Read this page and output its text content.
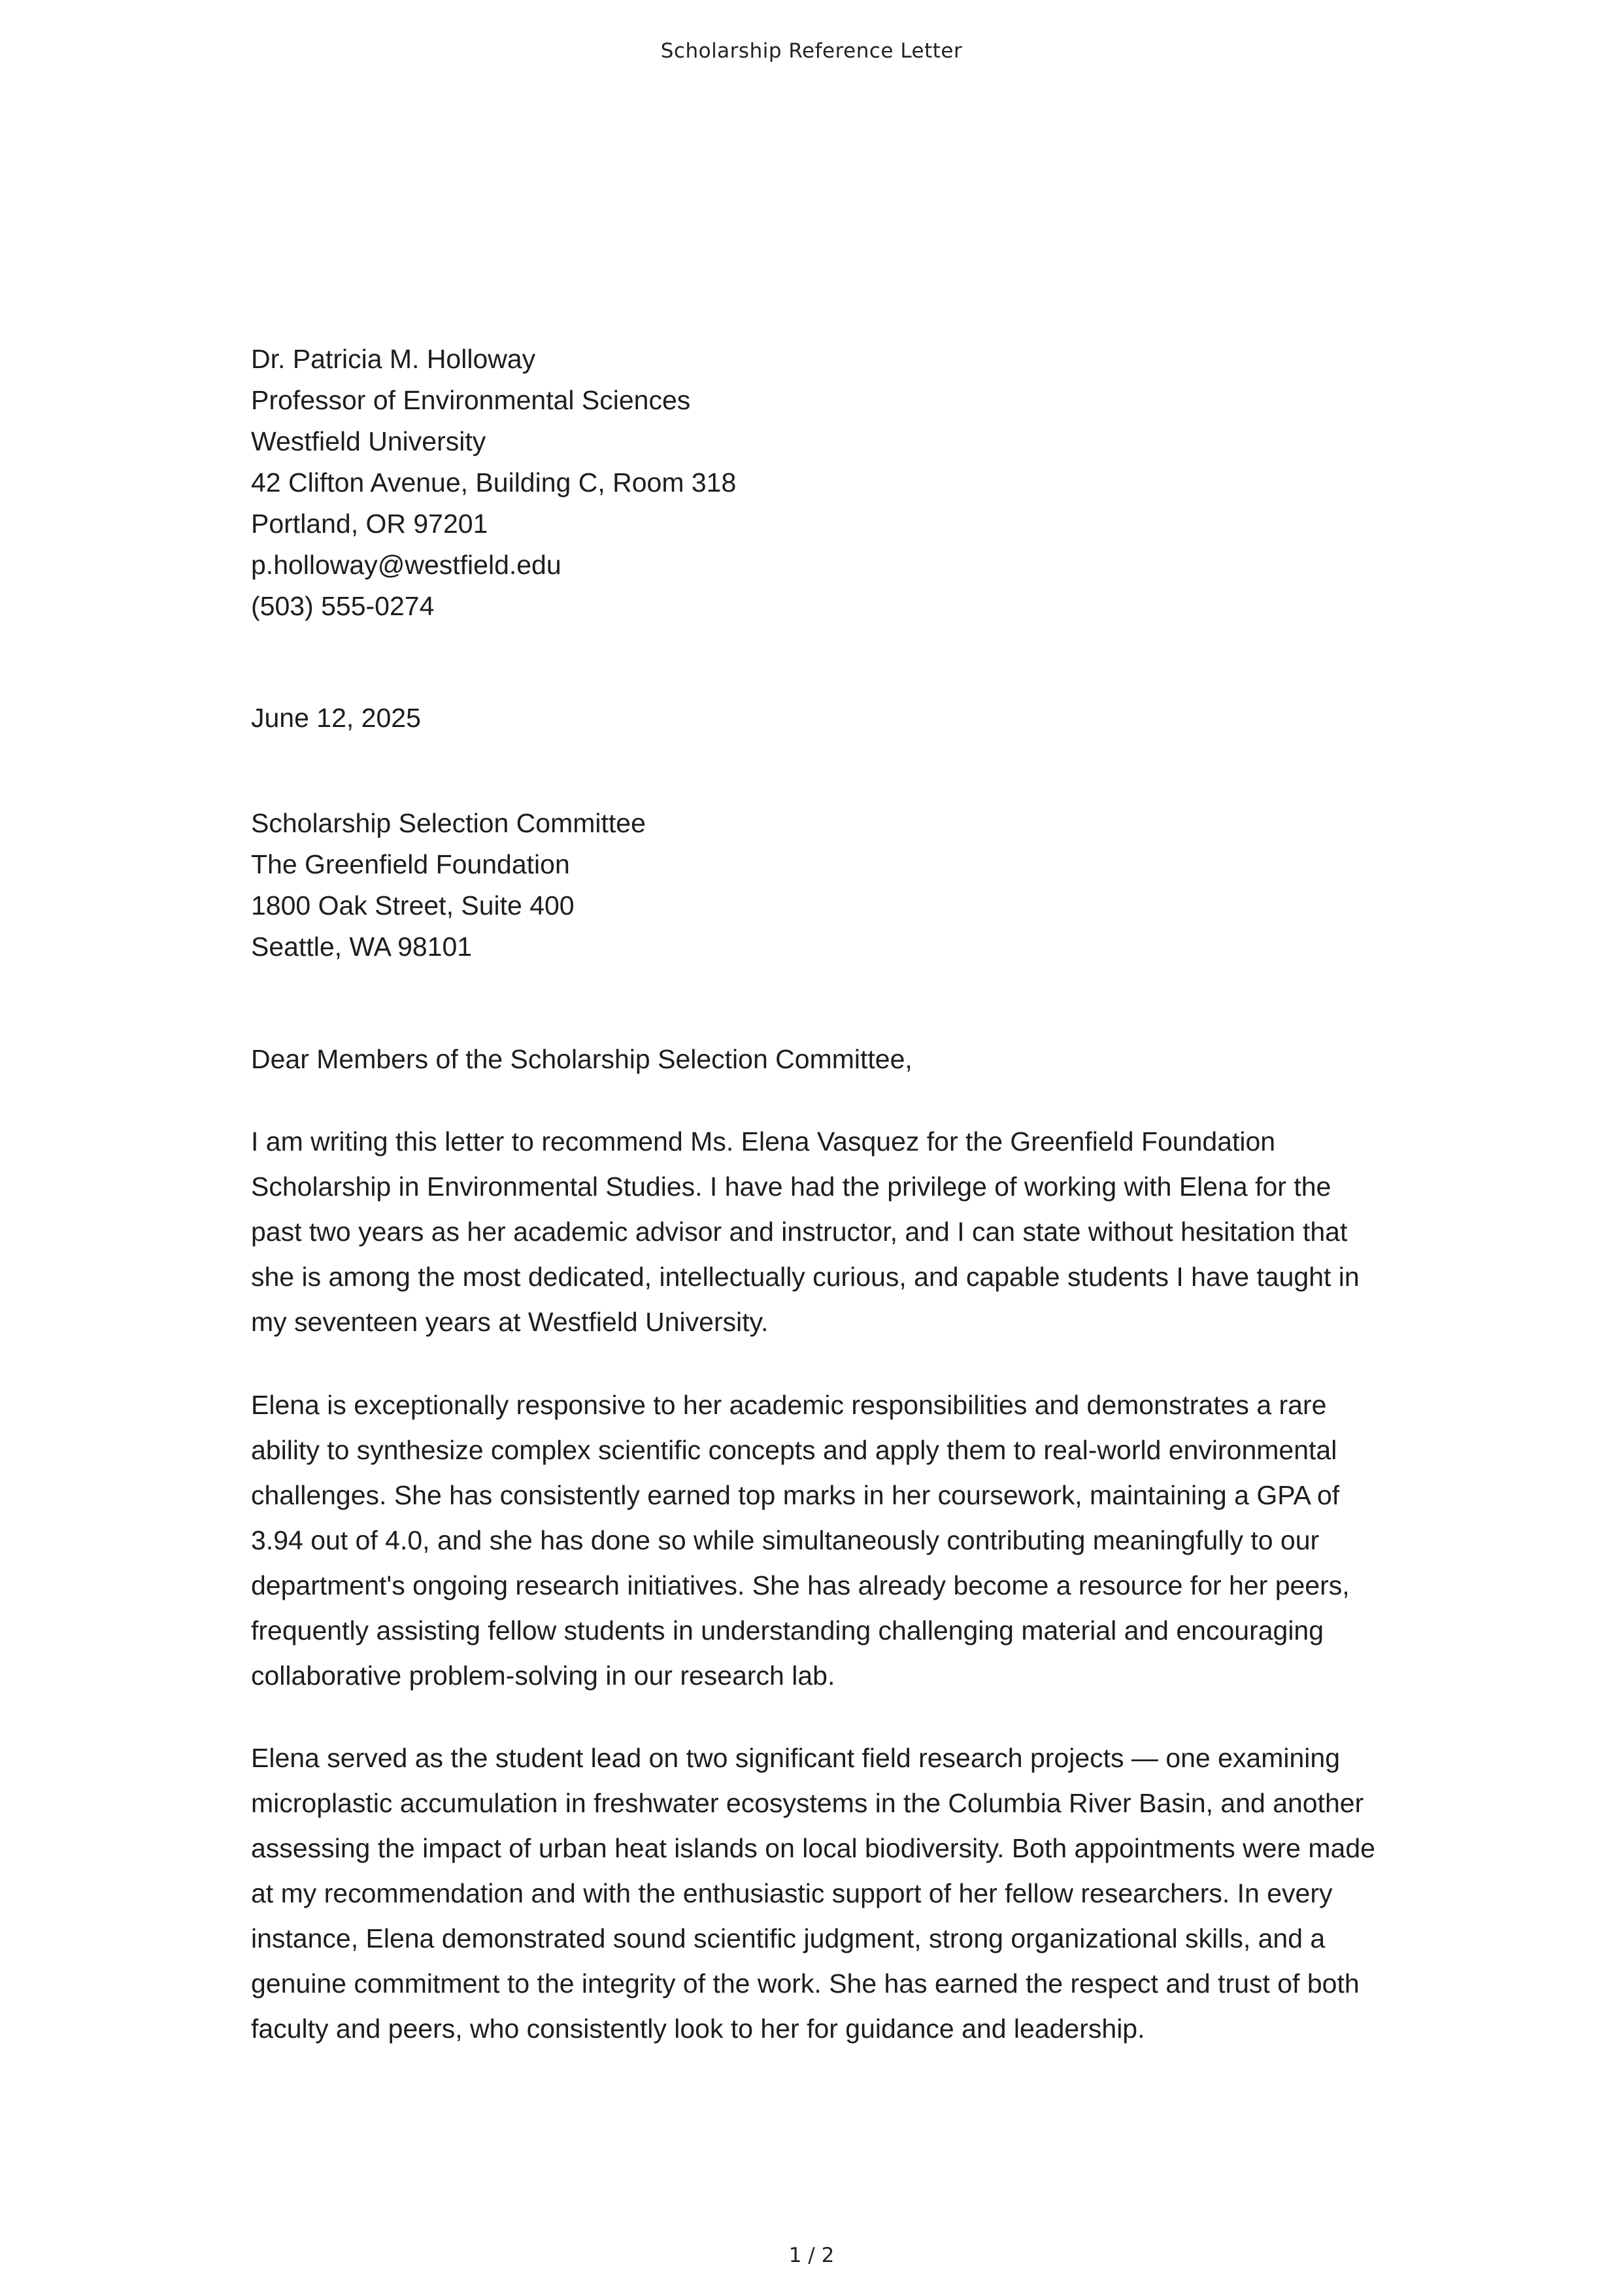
Scholarship Reference Letter
Dr. Patricia M. Holloway
Professor of Environmental Sciences
Westfield University
42 Clifton Avenue, Building C, Room 318
Portland, OR 97201
p.holloway@westfield.edu
(503) 555-0274
June 12, 2025
Scholarship Selection Committee
The Greenfield Foundation
1800 Oak Street, Suite 400
Seattle, WA 98101
Dear Members of the Scholarship Selection Committee,
I am writing this letter to recommend Ms. Elena Vasquez for the Greenfield Foundation Scholarship in Environmental Studies. I have had the privilege of working with Elena for the past two years as her academic advisor and instructor, and I can state without hesitation that she is among the most dedicated, intellectually curious, and capable students I have taught in my seventeen years at Westfield University.
Elena is exceptionally responsive to her academic responsibilities and demonstrates a rare ability to synthesize complex scientific concepts and apply them to real-world environmental challenges. She has consistently earned top marks in her coursework, maintaining a GPA of 3.94 out of 4.0, and she has done so while simultaneously contributing meaningfully to our department's ongoing research initiatives. She has already become a resource for her peers, frequently assisting fellow students in understanding challenging material and encouraging collaborative problem-solving in our research lab.
Elena served as the student lead on two significant field research projects — one examining microplastic accumulation in freshwater ecosystems in the Columbia River Basin, and another assessing the impact of urban heat islands on local biodiversity. Both appointments were made at my recommendation and with the enthusiastic support of her fellow researchers. In every instance, Elena demonstrated sound scientific judgment, strong organizational skills, and a genuine commitment to the integrity of the work. She has earned the respect and trust of both faculty and peers, who consistently look to her for guidance and leadership.
1 / 2
